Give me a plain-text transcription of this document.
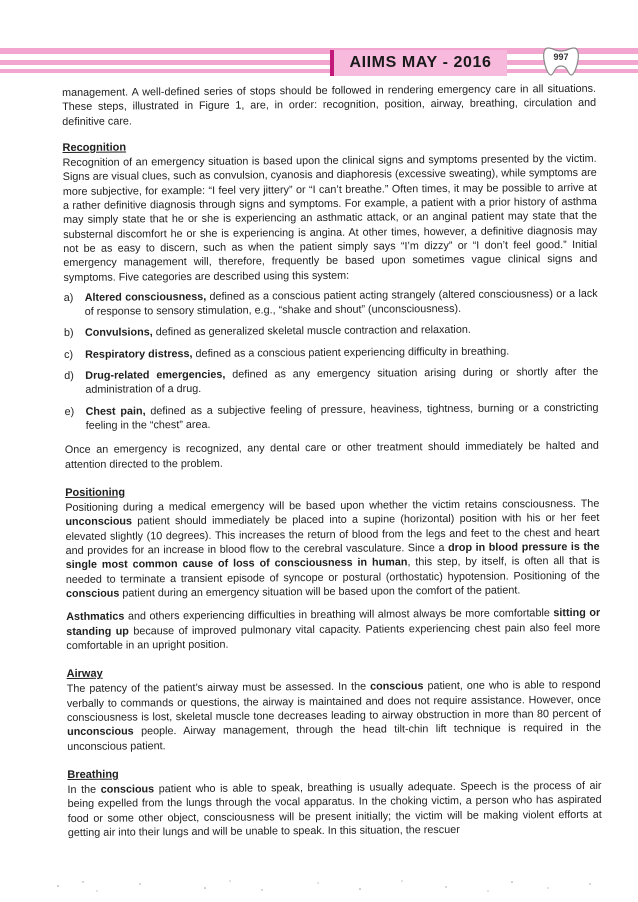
AIIMS MAY - 2016	997

management. A well-defined series of stops should be followed in rendering emergency care in all situations. These steps, illustrated in Figure 1, are, in order: recognition, position, airway, breathing, circulation and definitive care.

Recognition

Recognition of an emergency situation is based upon the clinical signs and symptoms presented by the victim. Signs are visual clues, such as convulsion, cyanosis and diaphoresis (excessive sweating), while symptoms are more subjective, for example: “I feel very jittery” or “I can’t breathe.” Often times, it may be possible to arrive at a rather definitive diagnosis through signs and symptoms. For example, a patient with a prior history of asthma may simply state that he or she is experiencing an asthmatic attack, or an anginal patient may state that the substernal discomfort he or she is experiencing is angina. At other times, however, a definitive diagnosis may not be as easy to discern, such as when the patient simply says “I’m dizzy” or “I don’t feel good.” Initial emergency management will, therefore, frequently be based upon sometimes vague clinical signs and symptoms. Five categories are described using this system:

a) Altered consciousness, defined as a conscious patient acting strangely (altered consciousness) or a lack of response to sensory stimulation, e.g., “shake and shout” (unconsciousness).
b) Convulsions, defined as generalized skeletal muscle contraction and relaxation.
c) Respiratory distress, defined as a conscious patient experiencing difficulty in breathing.
d) Drug-related emergencies, defined as any emergency situation arising during or shortly after the administration of a drug.
e) Chest pain, defined as a subjective feeling of pressure, heaviness, tightness, burning or a constricting feeling in the “chest” area.

Once an emergency is recognized, any dental care or other treatment should immediately be halted and attention directed to the problem.

Positioning

Positioning during a medical emergency will be based upon whether the victim retains consciousness. The unconscious patient should immediately be placed into a supine (horizontal) position with his or her feet elevated slightly (10 degrees). This increases the return of blood from the legs and feet to the chest and heart and provides for an increase in blood flow to the cerebral vasculature. Since a drop in blood pressure is the single most common cause of loss of consciousness in human, this step, by itself, is often all that is needed to terminate a transient episode of syncope or postural (orthostatic) hypotension. Positioning of the conscious patient during an emergency situation will be based upon the comfort of the patient.

Asthmatics and others experiencing difficulties in breathing will almost always be more comfortable sitting or standing up because of improved pulmonary vital capacity. Patients experiencing chest pain also feel more comfortable in an upright position.

Airway

The patency of the patient’s airway must be assessed. In the conscious patient, one who is able to respond verbally to commands or questions, the airway is maintained and does not require assistance. However, once consciousness is lost, skeletal muscle tone decreases leading to airway obstruction in more than 80 percent of unconscious people. Airway management, through the head tilt-chin lift technique is required in the unconscious patient.

Breathing

In the conscious patient who is able to speak, breathing is usually adequate. Speech is the process of air being expelled from the lungs through the vocal apparatus. In the choking victim, a person who has aspirated food or some other object, consciousness will be present initially; the victim will be making violent efforts at getting air into their lungs and will be unable to speak. In this situation, the rescuer
